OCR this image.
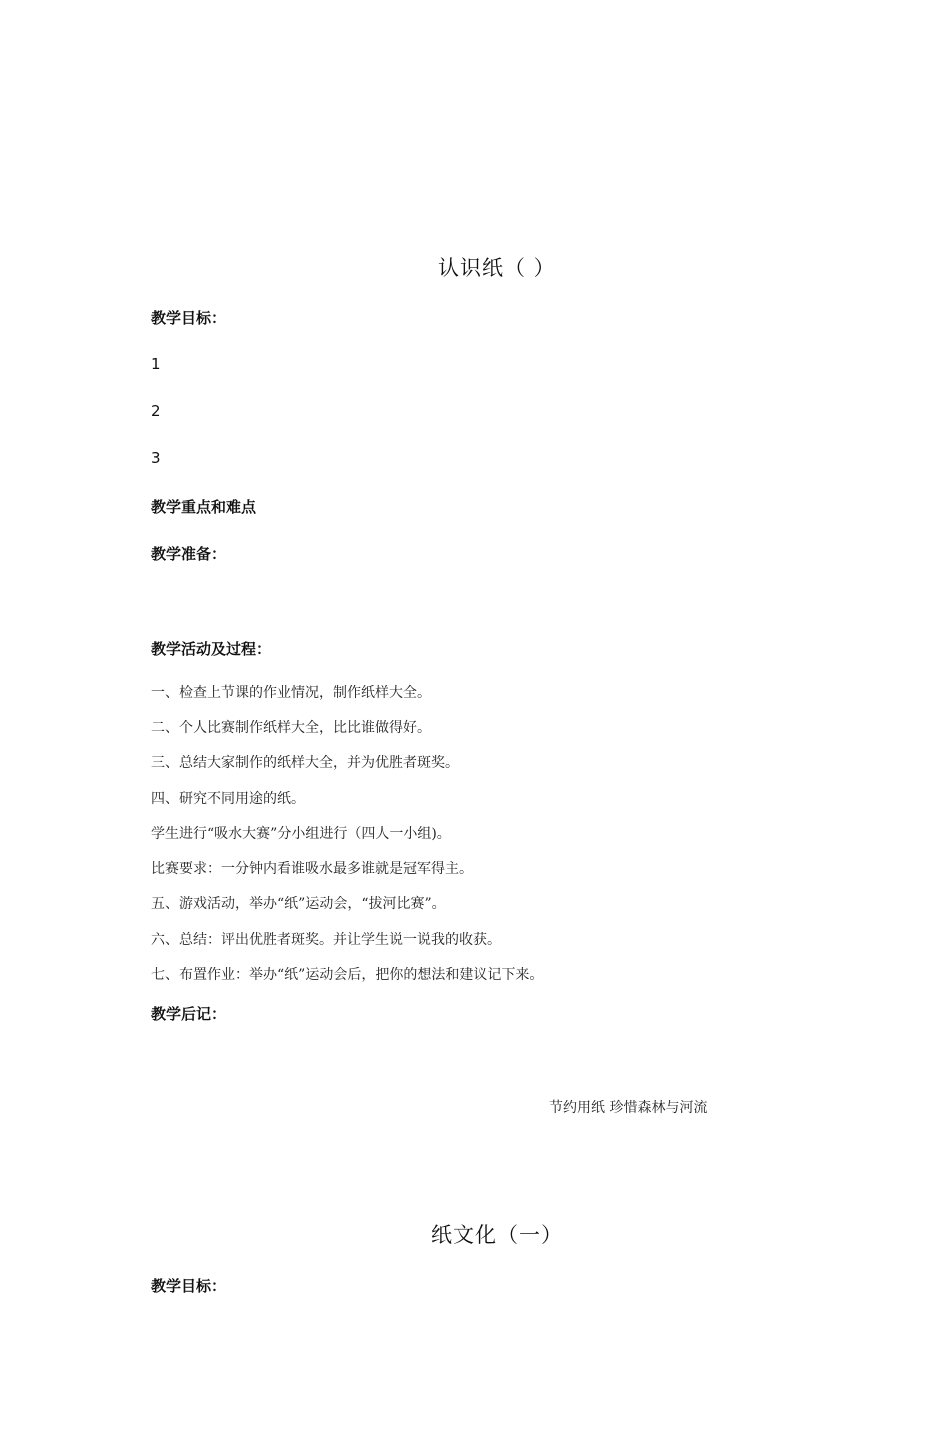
认识纸（ ）
教学目标：
1
2
3
教学重点和难点
教学准备：
教学活动及过程：
一、检查上节课的作业情况，制作纸样大全。
二、个人比赛制作纸样大全，比比谁做得好。
三、总结大家制作的纸样大全，并为优胜者斑奖。
四、研究不同用途的纸。
学生进行“吸水大赛”分小组进行（四人一小组)。
比赛要求：一分钟内看谁吸水最多谁就是冠军得主。
五、游戏活动，举办“纸”运动会，“拔河比赛”。
六、总结：评出优胜者斑奖。并让学生说一说我的收获。
七、布置作业：举办“纸”运动会后，把你的想法和建议记下来。
教学后记：
节约用纸 珍惜森林与河流
纸文化（一）
教学目标：
